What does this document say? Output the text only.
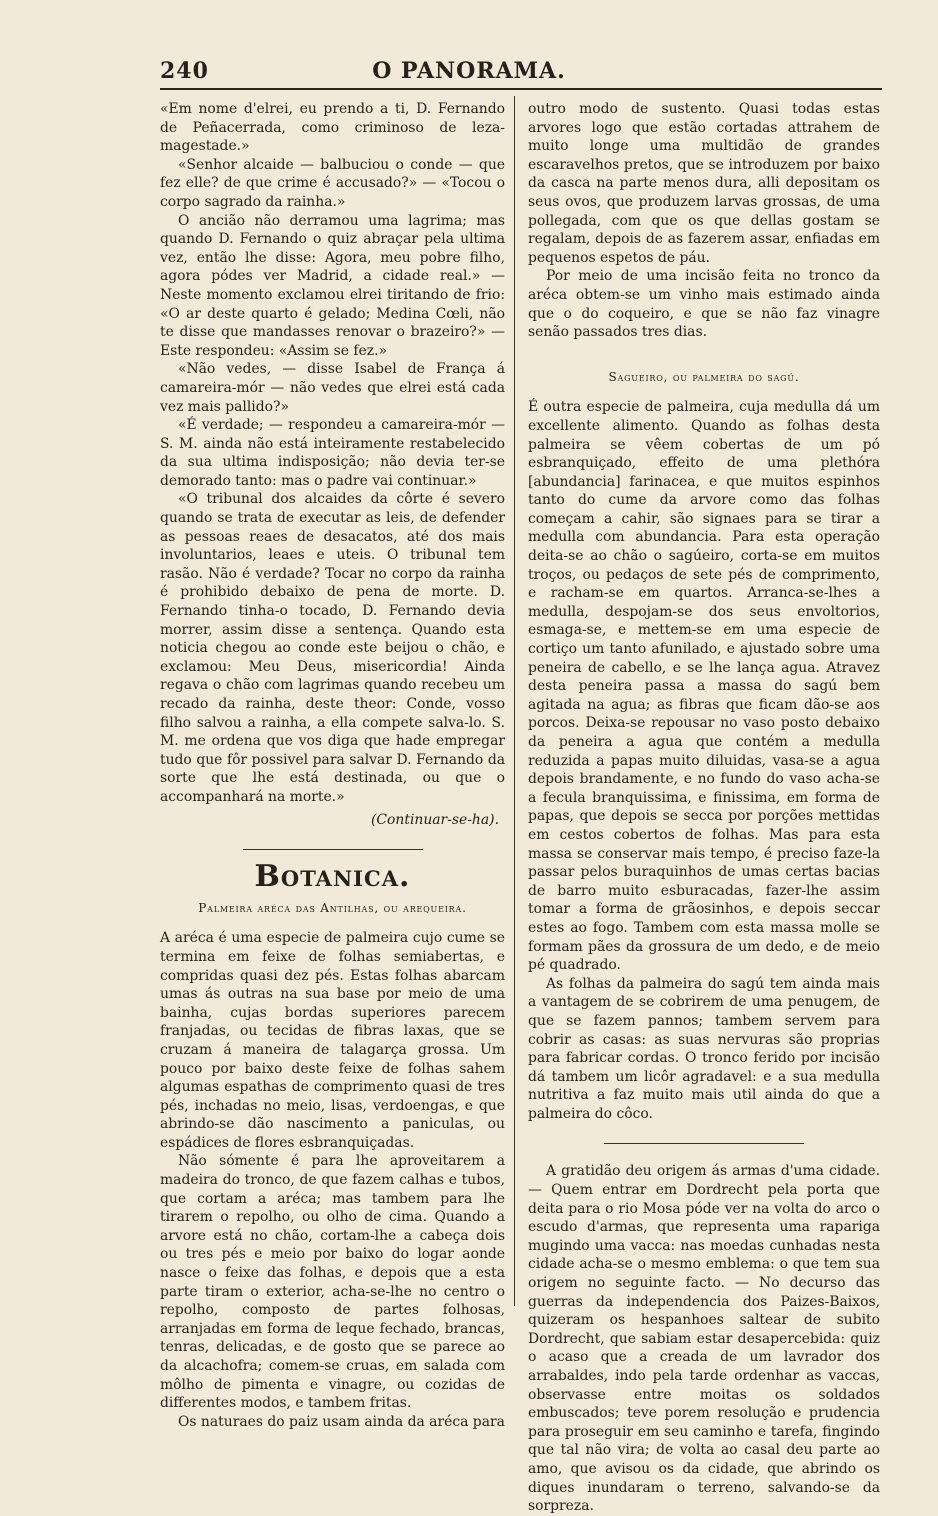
240	O PANORAMA.

«Em nome d'elrei, eu prendo a ti, D. Fernando de Peñacerrada, como criminoso de leza-magestade.»

«Senhor alcaide — balbuciou o conde — que fez elle? de que crime é accusado?» — «Tocou o corpo sagrado da rainha.»

O ancião não derramou uma lagrima; mas quando D. Fernando o quiz abraçar pela ultima vez, então lhe disse: Agora, meu pobre filho, agora pódes ver Madrid, a cidade real.» — Neste momento exclamou elrei tiritando de frio: «O ar deste quarto é gelado; Medina Cœli, não te disse que mandasses renovar o brazeiro?» — Este respondeu: «Assim se fez.»

«Não vedes, — disse Isabel de França á camareira-mór — não vedes que elrei está cada vez mais pallido?»

«É verdade; — respondeu a camareira-mór — S. M. ainda não está inteiramente restabelecido da sua ultima indisposição; não devia ter-se demorado tanto: mas o padre vai continuar.»

«O tribunal dos alcaides da côrte é severo quando se trata de executar as leis, de defender as pessoas reaes de desacatos, até dos mais involuntarios, leaes e uteis. O tribunal tem rasão. Não é verdade? Tocar no corpo da rainha é prohibido debaixo de pena de morte. D. Fernando tinha-o tocado, D. Fernando devia morrer, assim disse a sentença. Quando esta noticia chegou ao conde este beijou o chão, e exclamou: Meu Deus, misericordia! Ainda regava o chão com lagrimas quando recebeu um recado da rainha, deste theor: Conde, vosso filho salvou a rainha, a ella compete salva-lo. S. M. me ordena que vos diga que hade empregar tudo que fôr possivel para salvar D. Fernando da sorte que lhe está destinada, ou que o accompanhará na morte.»

(Continuar-se-ha).
Botanica.
Palmeira aréca das Antilhas, ou arequeira.

A aréca é uma especie de palmeira cujo cume se termina em feixe de folhas semiabertas, e compridas quasi dez pés. Estas folhas abarcam umas ás outras na sua base por meio de uma bainha, cujas bordas superiores parecem franjadas, ou tecidas de fibras laxas, que se cruzam á maneira de talagarça grossa. Um pouco por baixo deste feixe de folhas sahem algumas espathas de comprimento quasi de tres pés, inchadas no meio, lisas, verdoengas, e que abrindo-se dão nascimento a paniculas, ou espádices de flores esbranquiçadas.

Não sómente é para lhe aproveitarem a madeira do tronco, de que fazem calhas e tubos, que cortam a aréca; mas tambem para lhe tirarem o repolho, ou olho de cima. Quando a arvore está no chão, cortam-lhe a cabeça dois ou tres pés e meio por baixo do logar aonde nasce o feixe das folhas, e depois que a esta parte tiram o exterior, acha-se-lhe no centro o repolho, composto de partes folhosas, arranjadas em forma de leque fechado, brancas, tenras, delicadas, e de gosto que se parece ao da alcachofra; comem-se cruas, em salada com môlho de pimenta e vinagre, ou cozidas de differentes modos, e tambem fritas.

Os naturaes do paiz usam ainda da aréca para

outro modo de sustento. Quasi todas estas arvores logo que estão cortadas attrahem de muito longe uma multidão de grandes escaravelhos pretos, que se introduzem por baixo da casca na parte menos dura, alli depositam os seus ovos, que produzem larvas grossas, de uma pollegada, com que os que dellas gostam se regalam, depois de as fazerem assar, enfiadas em pequenos espetos de páu.

Por meio de uma incisão feita no tronco da aréca obtem-se um vinho mais estimado ainda que o do coqueiro, e que se não faz vinagre senão passados tres dias.

Sagueiro, ou palmeira do sagú.

É outra especie de palmeira, cuja medulla dá um excellente alimento. Quando as folhas desta palmeira se vêem cobertas de um pó esbranquiçado, effeito de uma plethóra [abundancia] farinacea, e que muitos espinhos tanto do cume da arvore como das folhas começam a cahir, são signaes para se tirar a medulla com abundancia. Para esta operação deita-se ao chão o sagúeiro, corta-se em muitos troços, ou pedaços de sete pés de comprimento, e racham-se em quartos. Arranca-se-lhes a medulla, despojam-se dos seus envoltorios, esmaga-se, e mettem-se em uma especie de cortiço um tanto afunilado, e ajustado sobre uma peneira de cabello, e se lhe lança agua. Atravez desta peneira passa a massa do sagú bem agitada na agua; as fibras que ficam dão-se aos porcos. Deixa-se repousar no vaso posto debaixo da peneira a agua que contém a medulla reduzida a papas muito diluidas, vasa-se a agua depois brandamente, e no fundo do vaso acha-se a fecula branquissima, e finissima, em forma de papas, que depois se secca por porções mettidas em cestos cobertos de folhas. Mas para esta massa se conservar mais tempo, é preciso faze-la passar pelos buraquinhos de umas certas bacias de barro muito esburacadas, fazer-lhe assim tomar a forma de grãosinhos, e depois seccar estes ao fogo. Tambem com esta massa molle se formam pães da grossura de um dedo, e de meio pé quadrado.

As folhas da palmeira do sagú tem ainda mais a vantagem de se cobrirem de uma penugem, de que se fazem pannos; tambem servem para cobrir as casas: as suas nervuras são proprias para fabricar cordas. O tronco ferido por incisão dá tambem um licôr agradavel: e a sua medulla nutritiva a faz muito mais util ainda do que a palmeira do côco.

A gratidão deu origem ás armas d'uma cidade. — Quem entrar em Dordrecht pela porta que deita para o rio Mosa póde ver na volta do arco o escudo d'armas, que representa uma rapariga mugindo uma vacca: nas moedas cunhadas nesta cidade acha-se o mesmo emblema: o que tem sua origem no seguinte facto. — No decurso das guerras da independencia dos Paizes-Baixos, quizeram os hespanhoes saltear de subito Dordrecht, que sabiam estar desapercebida: quiz o acaso que a creada de um lavrador dos arrabaldes, indo pela tarde ordenhar as vaccas, observasse entre moitas os soldados embuscados; teve porem resolução e prudencia para proseguir em seu caminho e tarefa, fingindo que tal não vira; de volta ao casal deu parte ao amo, que avisou os da cidade, que abrindo os diques inundaram o terreno, salvando-se da sorpreza.
